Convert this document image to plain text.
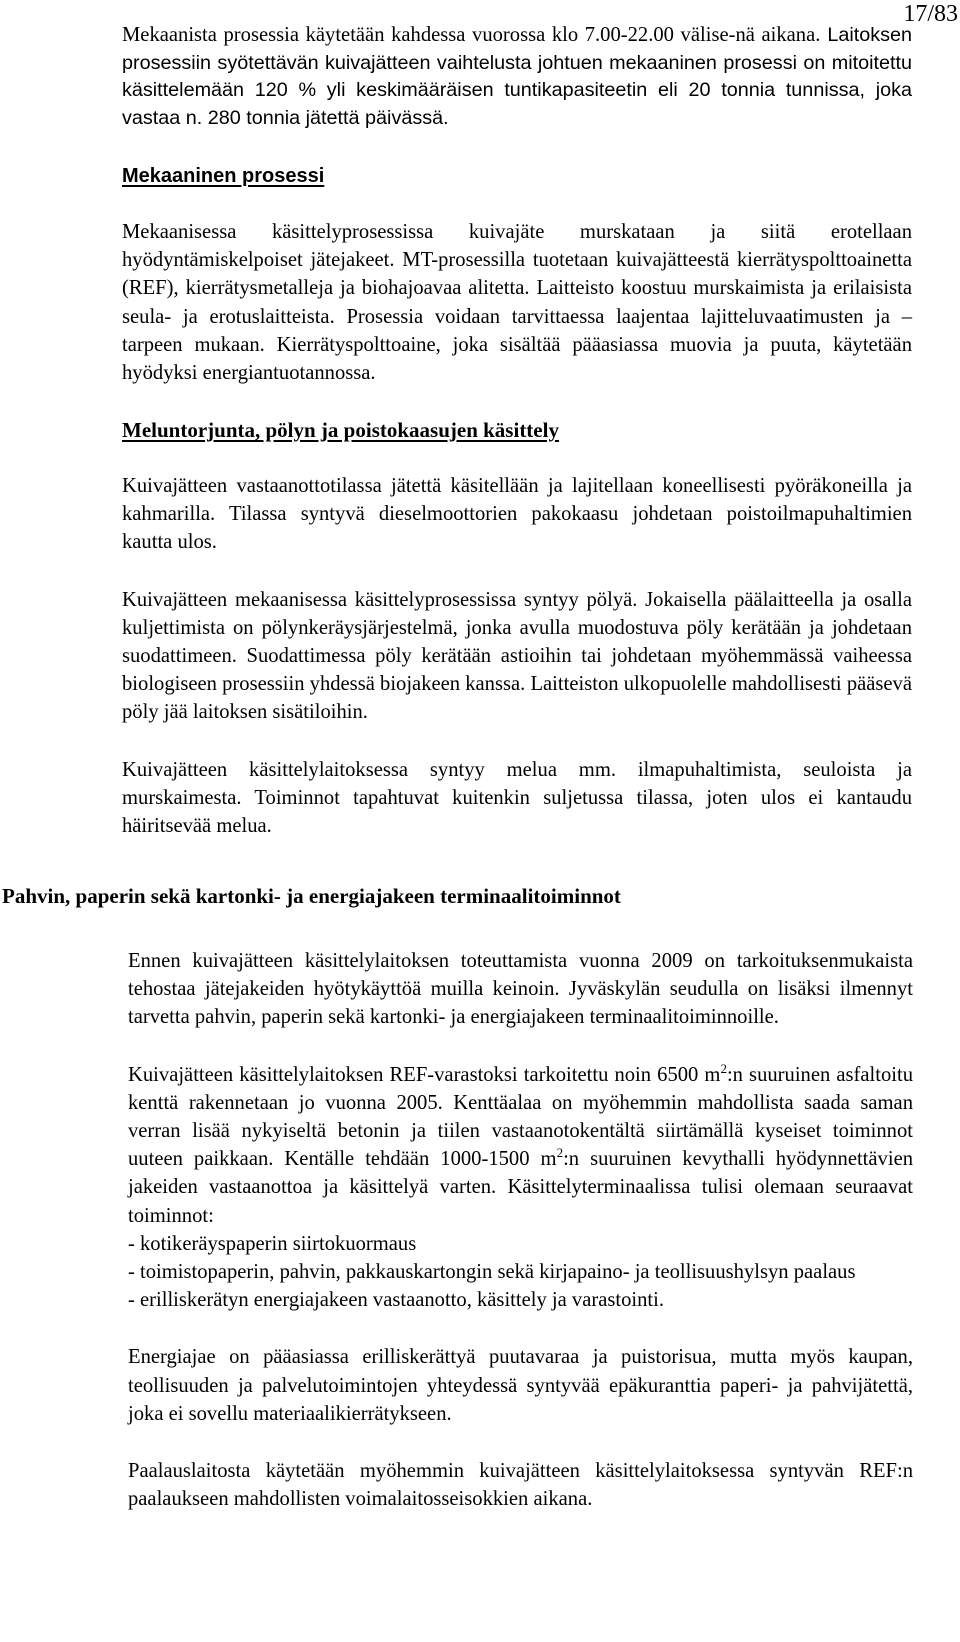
17/83

Mekaanista prosessia käytetään kahdessa vuorossa klo 7.00-22.00 välise-nä aikana. Laitoksen prosessiin syötettävän kuivajätteen vaihtelusta johtuen mekaaninen prosessi on mitoitettu käsittelemään 120 % yli keskimääräisen tuntikapasiteetin eli 20 tonnia tunnissa, joka vastaa n. 280 tonnia jätettä päivässä.

Mekaaninen prosessi

Mekaanisessa käsittelyprosessissa kuivajäte murskataan ja siitä erotellaan hyödyntämiskelpoiset jätejakeet. MT-prosessilla tuotetaan kuivajätteestä kierrätyspolttoainetta (REF), kierrätysmetalleja ja biohajoavaa alitetta. Laitteisto koostuu murskaimista ja erilaisista seula- ja erotuslaitteista. Prosessia voidaan tarvittaessa laajentaa lajitteluvaatimusten ja –tarpeen mukaan. Kierrätyspolttoaine, joka sisältää pääasiassa muovia ja puuta, käytetään hyödyksi energiantuotannossa.

Meluntorjunta, pölyn ja poistokaasujen käsittely

Kuivajätteen vastaanottotilassa jätettä käsitellään ja lajitellaan koneellisesti pyöräkoneilla ja kahmarilla. Tilassa syntyvä dieselmoottorien pakokaasu johdetaan poistoilmapuhaltimien kautta ulos.

Kuivajätteen mekaanisessa käsittelyprosessissa syntyy pölyä. Jokaisella päälaitteella ja osalla kuljettimista on pölynkeräysjärjestelmä, jonka avulla muodostuva pöly kerätään ja johdetaan suodattimeen. Suodattimessa pöly kerätään astioihin tai johdetaan myöhemmässä vaiheessa biologiseen prosessiin yhdessä biojakeen kanssa. Laitteiston ulkopuolelle mahdollisesti pääsevä pöly jää laitoksen sisätiloihin.

Kuivajätteen käsittelylaitoksessa syntyy melua mm. ilmapuhaltimista, seuloista ja murskaimesta. Toiminnot tapahtuvat kuitenkin suljetussa tilassa, joten ulos ei kantaudu häiritsevää melua.

Pahvin, paperin sekä kartonki- ja energiajakeen terminaalitoiminnot

Ennen kuivajätteen käsittelylaitoksen toteuttamista vuonna 2009 on tarkoituksenmukaista tehostaa jätejakeiden hyötykäyttöä muilla keinoin. Jyväskylän seudulla on lisäksi ilmennyt tarvetta pahvin, paperin sekä kartonki- ja energiajakeen terminaalitoiminnoille.

Kuivajätteen käsittelylaitoksen REF-varastoksi tarkoitettu noin 6500 $m^2:n$ suuruinen asfaltoitu kenttä rakennetaan jo vuonna 2005. Kenttäalaa on myöhemmin mahdollista saada saman verran lisää nykyiseltä betonin ja tiilen vastaanotokentältä siirtämällä kyseiset toiminnot uuteen paikkaan. Kentälle tehdään 1000-1500 $m^2:n$ suuruinen kevythalli hyödynnettävien jakeiden vastaanottoa ja käsittelyä varten. Käsittelyterminaalissa tulisi olemaan seuraavat toiminnot:

- kotikeräyspaperin siirtokuormaus
- toimistopaperin, pahvin, pakkauskartongin sekä kirjapaino- ja teollisuushylsyn paalaus
- erilliskerätyn energiajakeen vastaanotto, käsittely ja varastointi.

Energiajae on pääasiassa erilliskerättyä puutavaraa ja puistorisua, mutta myös kaupan, teollisuuden ja palvelutoimintojen yhteydessä syntyvää epäkuranttia paperi- ja pahvijätettä, joka ei sovellu materiaalikierrätykseen.

Paalauslaitosta käytetään myöhemmin kuivajätteen käsittelylaitoksessa syntyvän REF:n paalaukseen mahdollisten voimalaitosseisokkien aikana.
